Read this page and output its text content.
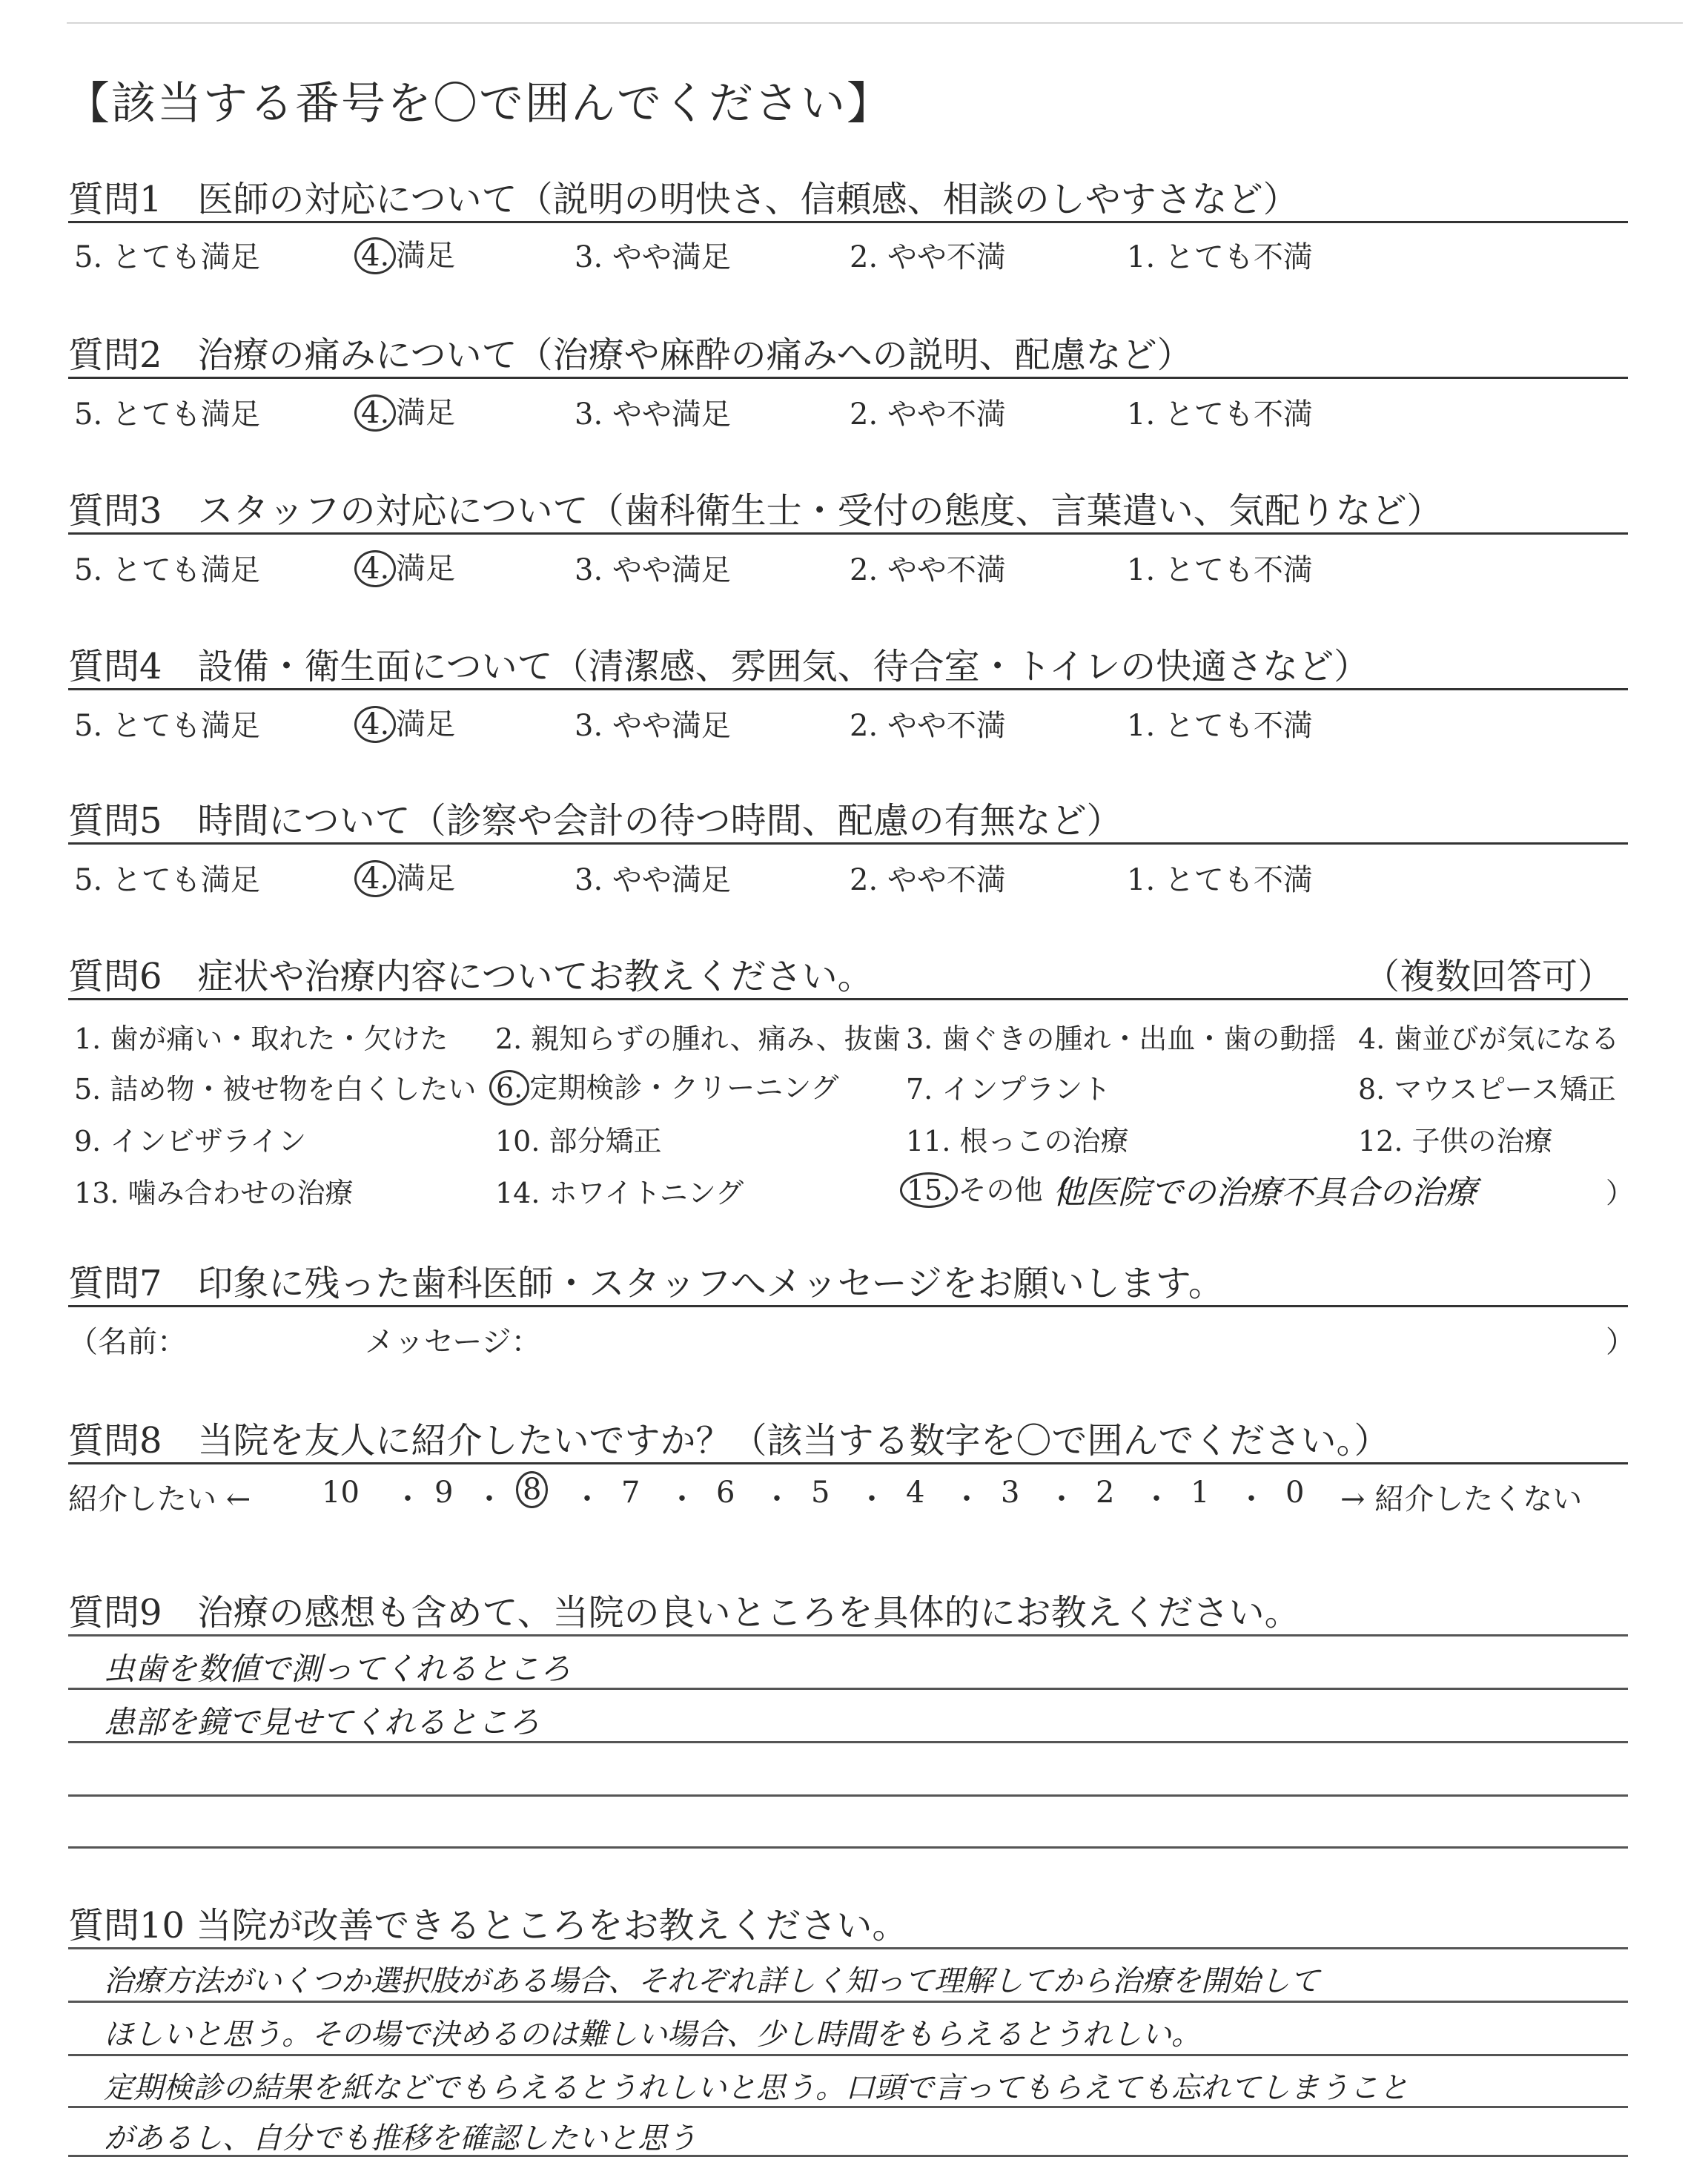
【該当する番号を〇で囲んでください】
質問1　医師の対応について（説明の明快さ、信頼感、相談のしやすさなど）
5. とても満足	4. 満足	3. やや満足	2. やや不満	1. とても不満
質問2　治療の痛みについて（治療や麻酔の痛みへの説明、配慮など）
5. とても満足	4. 満足	3. やや満足	2. やや不満	1. とても不満
質問3　スタッフの対応について（歯科衛生士・受付の態度、言葉遣い、気配りなど）
5. とても満足	4. 満足	3. やや満足	2. やや不満	1. とても不満
質問4　設備・衛生面について（清潔感、雰囲気、待合室・トイレの快適さなど）
5. とても満足	4. 満足	3. やや満足	2. やや不満	1. とても不満
質問5　時間について（診察や会計の待つ時間、配慮の有無など）
5. とても満足	4. 満足	3. やや満足	2. やや不満	1. とても不満
質問6　症状や治療内容についてお教えください。	（複数回答可）
1. 歯が痛い・取れた・欠けた 2. 親知らずの腫れ、痛み、抜歯 3. 歯ぐきの腫れ・出血・歯の動揺 4. 歯並びが気になる
5. 詰め物・被せ物を白くしたい 6. 定期検診・クリーニング 7. インプラント	8. マウスピース矯正
9. インビザライン	10. 部分矯正	11. 根っこの治療	12. 子供の治療
13. 噛み合わせの治療	14. ホワイトニング	15. その他（
他医院での治療不具合の治療	）
質問7　印象に残った歯科医師・スタッフへメッセージをお願いします。
（名前：	メッセージ：	）
質問8　当院を友人に紹介したいですか？（該当する数字を〇で囲んでください。）
紹介したい ← 10 ・ 9 ・ 8 ・ 7 ・ 6 ・ 5 ・ 4 ・ 3 ・ 2 ・ 1 ・ 0 → 紹介したくない
質問9　治療の感想も含めて、当院の良いところを具体的にお教えください。
虫歯を数値で測ってくれるところ
患部を鏡で見せてくれるところ
質問10 当院が改善できるところをお教えください。
治療方法がいくつか選択肢がある場合、それぞれ詳しく知って理解してから治療を開始して
ほしいと思う。その場で決めるのは難しい場合、少し時間をもらえるとうれしい。
定期検診の結果を紙などでもらえるとうれしいと思う。口頭で言ってもらえても忘れてしまうこと
があるし、自分でも推移を確認したいと思う
